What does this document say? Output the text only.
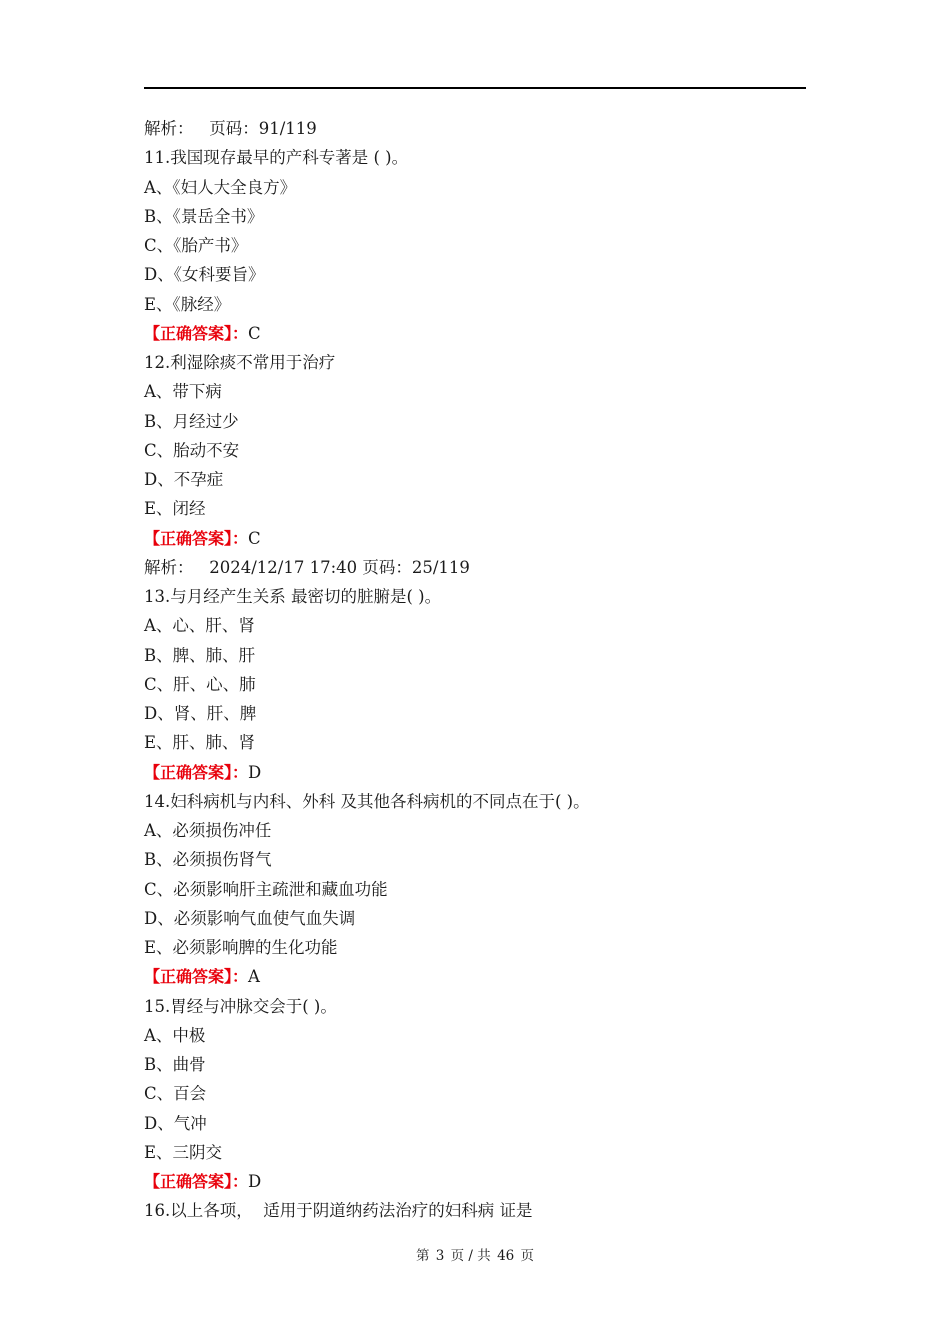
解析：   页码：91/119
11.我国现存最早的产科专著是 ( )。
A、《妇人大全良方》
B、《景岳全书》
C、《胎产书》
D、《女科要旨》
E、《脉经》
【正确答案】：C
12.利湿除痰不常用于治疗
A、带下病
B、月经过少
C、胎动不安
D、不孕症
E、闭经
【正确答案】：C
解析：   2024/12/17 17:40 页码：25/119
13.与月经产生关系 最密切的脏腑是( )。
A、心、肝、肾
B、脾、肺、肝
C、肝、心、肺
D、肾、肝、脾
E、肝、肺、肾
【正确答案】：D
14.妇科病机与内科、外科 及其他各科病机的不同点在于( )。
A、必须损伤冲任
B、必须损伤肾气
C、必须影响肝主疏泄和藏血功能
D、必须影响气血使气血失调
E、必须影响脾的生化功能
【正确答案】：A
15.胃经与冲脉交会于( )。
A、中极
B、曲骨
C、百会
D、气冲
E、三阴交
【正确答案】：D
16.以上各项，  适用于阴道纳药法治疗的妇科病 证是
第 3 页 / 共 46 页
